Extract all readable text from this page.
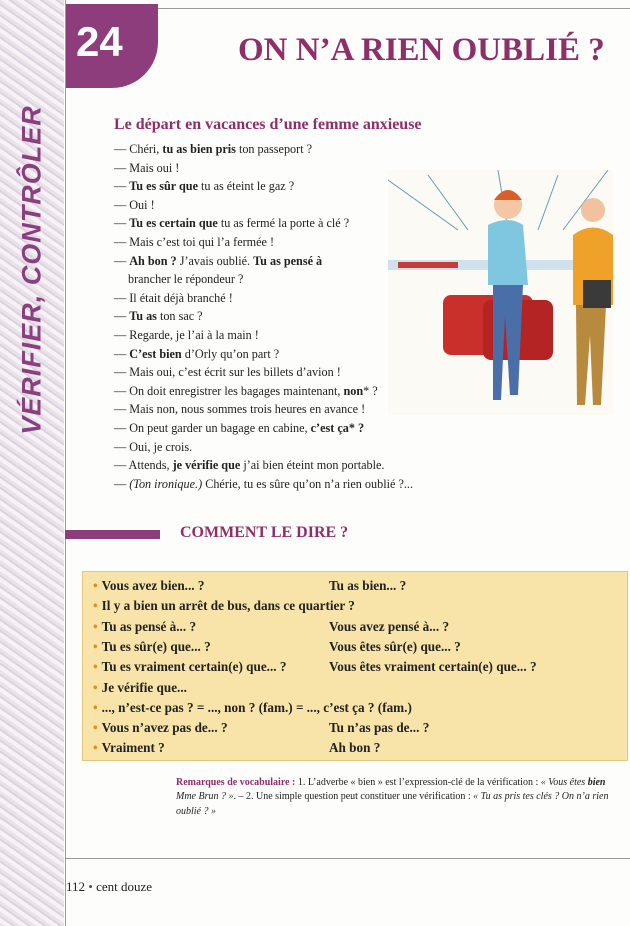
VÉRIFIER, CONTRÔLER
24	ON N’A RIEN OUBLIÉ ?
Le départ en vacances d’une femme anxieuse
— Chéri, tu as bien pris ton passeport ?
— Mais oui !
— Tu es sûr que tu as éteint le gaz ?
— Oui !
— Tu es certain que tu as fermé la porte à clé ?
— Mais c’est toi qui l’a fermée !
— Ah bon ? J’avais oublié. Tu as pensé à
brancher le répondeur ?
— Il était déjà branché !
— Tu as ton sac ?
— Regarde, je l’ai à la main !
— C’est bien d’Orly qu’on part ?
— Mais oui, c’est écrit sur les billets d’avion !
— On doit enregistrer les bagages maintenant, non* ?
— Mais non, nous sommes trois heures en avance !
— On peut garder un bagage en cabine, c’est ça* ?
— Oui, je crois.
— Attends, je vérifie que j’ai bien éteint mon portable.
— (Ton ironique.) Chérie, tu es sûre qu’on n’a rien oublié ?...
COMMENT LE DIRE ?
• Vous avez bien... ?	Tu as bien... ?
• Il y a bien un arrêt de bus, dans ce quartier ?
• Tu as pensé à... ?	Vous avez pensé à... ?
• Tu es sûr(e) que... ?	Vous êtes sûr(e) que... ?
• Tu es vraiment certain(e) que... ?	Vous êtes vraiment certain(e) que... ?
• Je vérifie que...
• ..., n’est-ce pas ? = ..., non ? (fam.) = ..., c’est ça ? (fam.)
• Vous n’avez pas de... ?	Tu n’as pas de... ?
• Vraiment ?	Ah bon ?
Remarques de vocabulaire : 1. L’adverbe « bien » est l’expression-clé de la vérification : « Vous êtes bien Mme Brun ? ». – 2. Une simple question peut constituer une vérification : « Tu as pris tes clés ? On n’a rien oublié ? »
112 • cent douze
